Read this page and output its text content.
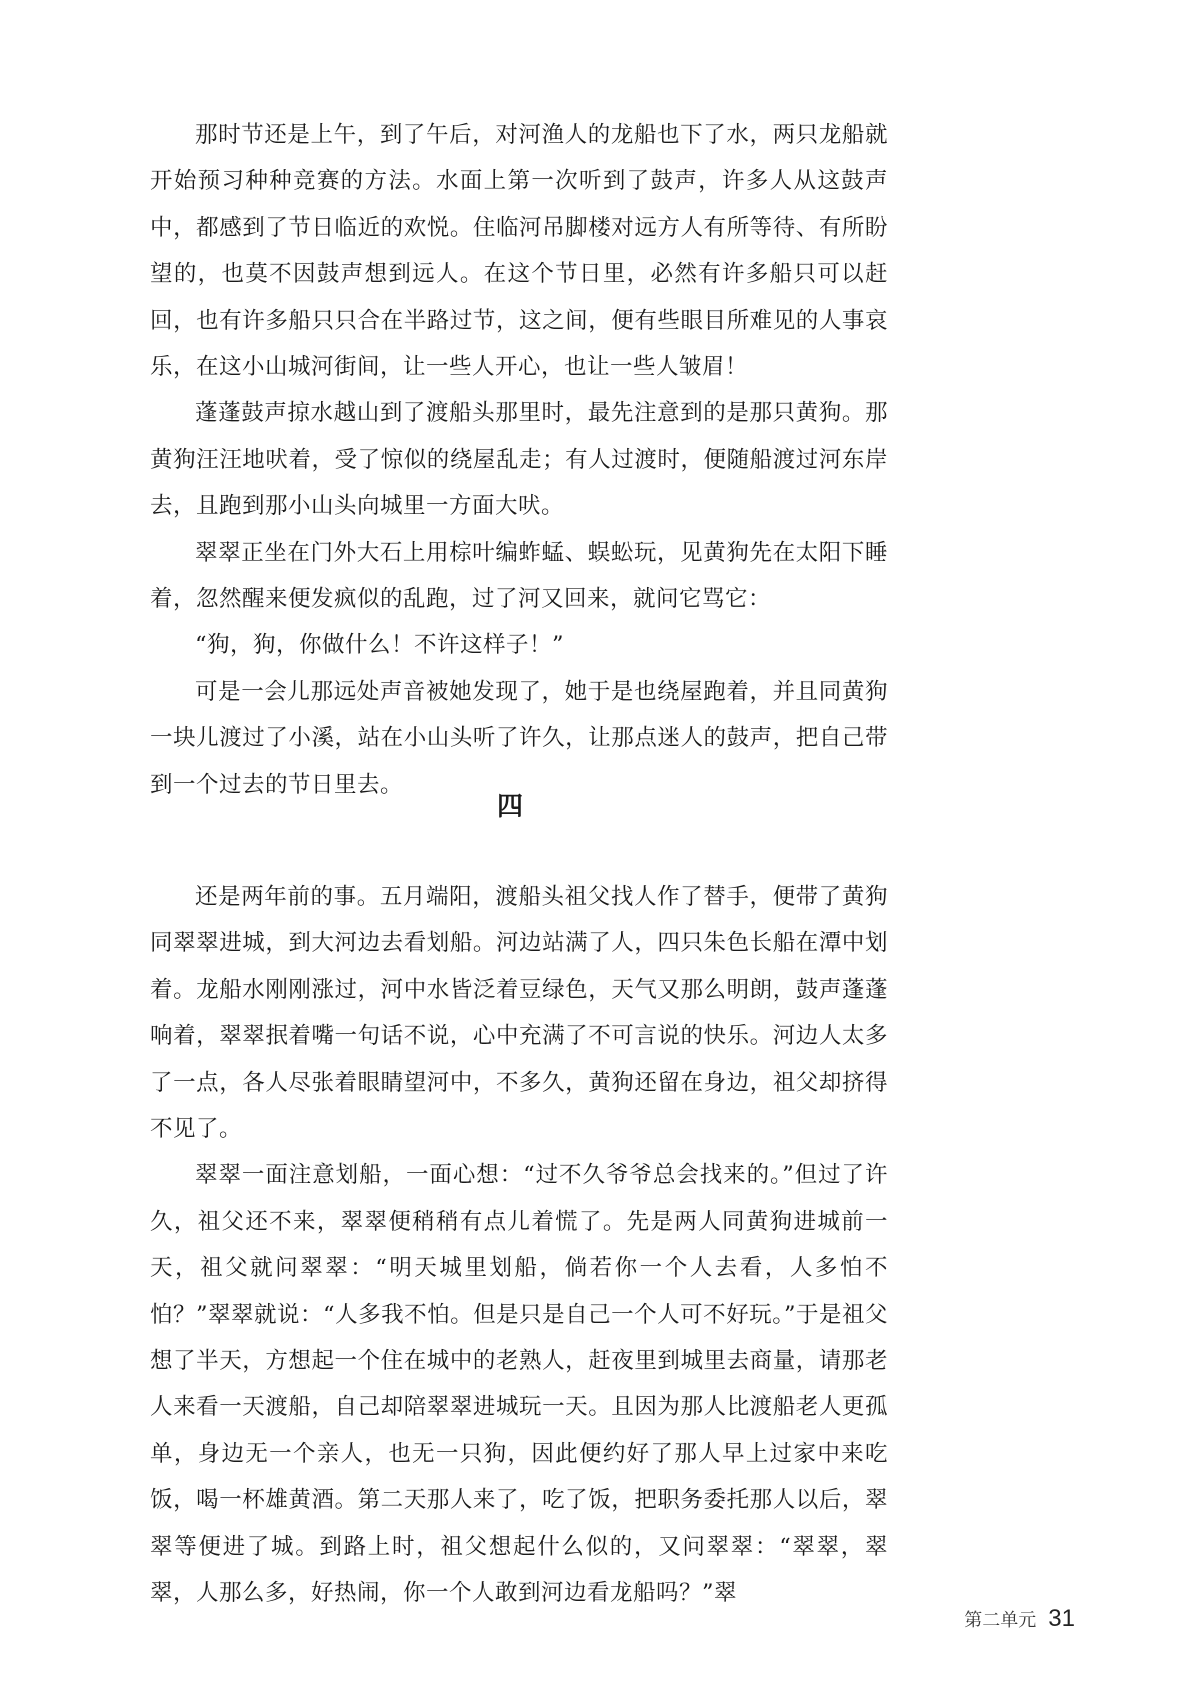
那时节还是上午，到了午后，对河渔人的龙船也下了水，两只龙船就开始预习种种竞赛的方法。水面上第一次听到了鼓声，许多人从这鼓声中，都感到了节日临近的欢悦。住临河吊脚楼对远方人有所等待、有所盼望的，也莫不因鼓声想到远人。在这个节日里，必然有许多船只可以赶回，也有许多船只只合在半路过节，这之间，便有些眼目所难见的人事哀乐，在这小山城河街间，让一些人开心，也让一些人皱眉！

蓬蓬鼓声掠水越山到了渡船头那里时，最先注意到的是那只黄狗。那黄狗汪汪地吠着，受了惊似的绕屋乱走；有人过渡时，便随船渡过河东岸去，且跑到那小山头向城里一方面大吠。

翠翠正坐在门外大石上用棕叶编蚱蜢、蜈蚣玩，见黄狗先在太阳下睡着，忽然醒来便发疯似的乱跑，过了河又回来，就问它骂它：

“狗，狗，你做什么！不许这样子！”

可是一会儿那远处声音被她发现了，她于是也绕屋跑着，并且同黄狗一块儿渡过了小溪，站在小山头听了许久，让那点迷人的鼓声，把自己带到一个过去的节日里去。

四

还是两年前的事。五月端阳，渡船头祖父找人作了替手，便带了黄狗同翠翠进城，到大河边去看划船。河边站满了人，四只朱色长船在潭中划着。龙船水刚刚涨过，河中水皆泛着豆绿色，天气又那么明朗，鼓声蓬蓬响着，翠翠抿着嘴一句话不说，心中充满了不可言说的快乐。河边人太多了一点，各人尽张着眼睛望河中，不多久，黄狗还留在身边，祖父却挤得不见了。

翠翠一面注意划船，一面心想：“过不久爷爷总会找来的。”但过了许久，祖父还不来，翠翠便稍稍有点儿着慌了。先是两人同黄狗进城前一天，祖父就问翠翠：“明天城里划船，倘若你一个人去看，人多怕不怕？”翠翠就说：“人多我不怕。但是只是自己一个人可不好玩。”于是祖父想了半天，方想起一个住在城中的老熟人，赶夜里到城里去商量，请那老人来看一天渡船，自己却陪翠翠进城玩一天。且因为那人比渡船老人更孤单，身边无一个亲人，也无一只狗，因此便约好了那人早上过家中来吃饭，喝一杯雄黄酒。第二天那人来了，吃了饭，把职务委托那人以后，翠翠等便进了城。到路上时，祖父想起什么似的，又问翠翠：“翠翠，翠翠，人那么多，好热闹，你一个人敢到河边看龙船吗？”翠

第二单元 31
